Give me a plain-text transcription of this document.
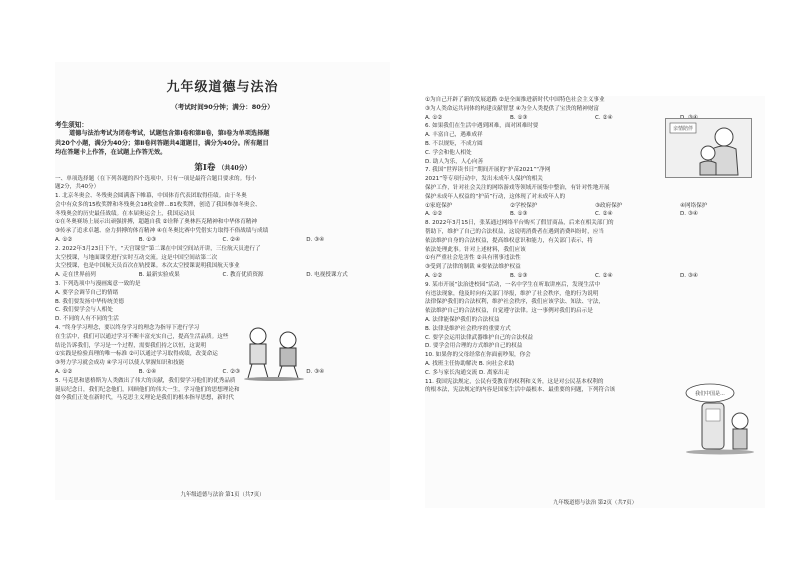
九年级道德与法治
（考试时间90分钟；满分：80分）
考生须知：
道德与法治考试为闭卷考试，试题包含第Ⅰ卷和第Ⅱ卷，第Ⅰ卷为单项选择题
共20个小题，满分为40分；第Ⅱ卷问答题共4道题目，满分为40分。所有题目
均在答题卡上作答，在试题上作答无效。
第Ⅰ卷 （共40分）
一、单项选择题（在下列各题的四个选项中，只有一项是最符合题目要求的。每小
题2分，共40分）
1. 北京冬奥会、冬残奥会圆满落下帷幕，中国体育代表团取得佳绩。由于冬奥
会中有众多的15枚奖牌和冬残奥会18枚金牌...81枚奖牌，创造了我国参加冬奥会、
冬残奥会的历史最佳战绩。在本届奥运会上，我国运动员
①在冬奥赛场上展示出顽强拼搏，超越自我 ②诠释了奥林匹克精神和中华体育精神
③传承了追求卓越、奋力拼搏的体育精神 ④在冬奥比赛中凭借实力取得不俗战绩与成绩
A. ①②	B. ①③	C. ②④	D. ③④
2. 2022年3月23日下午，“天宫课堂”第二课在中国空间站开讲，三位航天员进行了
太空授课，与地面课堂进行实时互动交流。这是中国空间站第二次
太空授课，也是中国航天员首次在轨授课。本次太空授课说明我国航天事业
A. 走在世界前列	B. 最新实验成果	C. 教育优质资源	D. 电视授课方式
3. 下列选项中与漫画寓意一致的是
A. 要学会调节自己的情绪
B. 我们要发扬中华传统美德
C. 我们要学会与人相处
D. 不同的人有不同的生活
4. “终身学习理念，要以终身学习的理念为指导下进行学习
在生活中，我们可以通过学习不断丰富充实自己，提高生活品质。这些
结论告诉我们，学习是一个过程，需要我们持之以恒，这说明
①实践是检验真理的唯一标准 ②可以通过学习取得成绩，改变命运
③努力学习就会成功 ④学习可以使人掌握知识和技能
A. ①②	B. ①④	C. ②③	D. ③④
5. 马克思和恩格斯为人类做出了伟大的贡献，我们要学习他们的优秀品质
诞辰纪念日，我们纪念他们，回顾他们的伟大一生，学习他们的思想理论和
如今我们正处在新时代，马克思主义理论是我们的根本指导思想，新时代
九年级道德与法治 第1页（共7页）
①为自己开辟了新的发展道路 ②是全面推进新时代中国特色社会主义事业
③为人类命运共同体的构建贡献智慧 ④为全人类提供了宝贵的精神财富
A. ①②	B. ①③	C. ②④
6. 如果我们在生活中遇到困难，面对困难时要
A. 丰富自己，遇难成祥
B. 不以规矩，不成方圆
C. 学会和他人相处
D. 助人为乐，人心向善
亲情陪伴
7. 我国“世界读书日”期间开展的“护苗2021”“净网
2021”等专项行动中，发出未成年人保护的相关
保护工作，针对社会关注的网络游戏等领域开展集中整治，有针对性地开展
保护未成年人权益的“护苗”行动，这体现了对未成年人的
①家庭保护	②学校保护	③政府保护	④网络保护
A. ①②	B. ①③	C. ②④	D. ③④
8. 2022年3月15日，张某通过网络平台购买了假冒商品，后来在相关部门的
帮助下，维护了自己的合法权益，这说明消费者在遇到消费纠纷时，应当
依法维护自身的合法权益，提高维权意识和能力，有关部门表示，将
依法处理此事。针对上述材料，我们应该
①有严重社会危害性 ②具有刑事违法性
③受到了法律的制裁 ④要依法维护权益
A. ①②	B. ①③	C. ②④	D. ③④
9. 某市开展“法治进校园”活动，一名中学生在听取讲座后，发现生活中
有违法现象，他及时向有关部门举报，维护了社会秩序，他的行为说明
法律保护我们的合法权利，维护社会秩序，我们应该学法、知法、守法，
依法维护自己的合法权益，自觉遵守法律。这一事例对我们的启示是
A. 法律能保护我们的合法权益
B. 法律是维护社会秩序的重要方式
C. 要学会运用法律武器维护自己的合法权益
D. 要学会用合理的方式维护自己的权益
10. 如果你的父母经常在你面前吵架，你会
A. 找班主任协助解决 B. 向社会求助
C. 多与家长沟通交流 D. 离家出走
11. 我国宪法规定，公民有受教育的权利和义务，这是对公民基本权利的
的根本法，宪法规定的内容是国家生活中最根本、最重要的问题，下列符合该
我们中国是...
九年级道德与法治 第2页（共7页）
